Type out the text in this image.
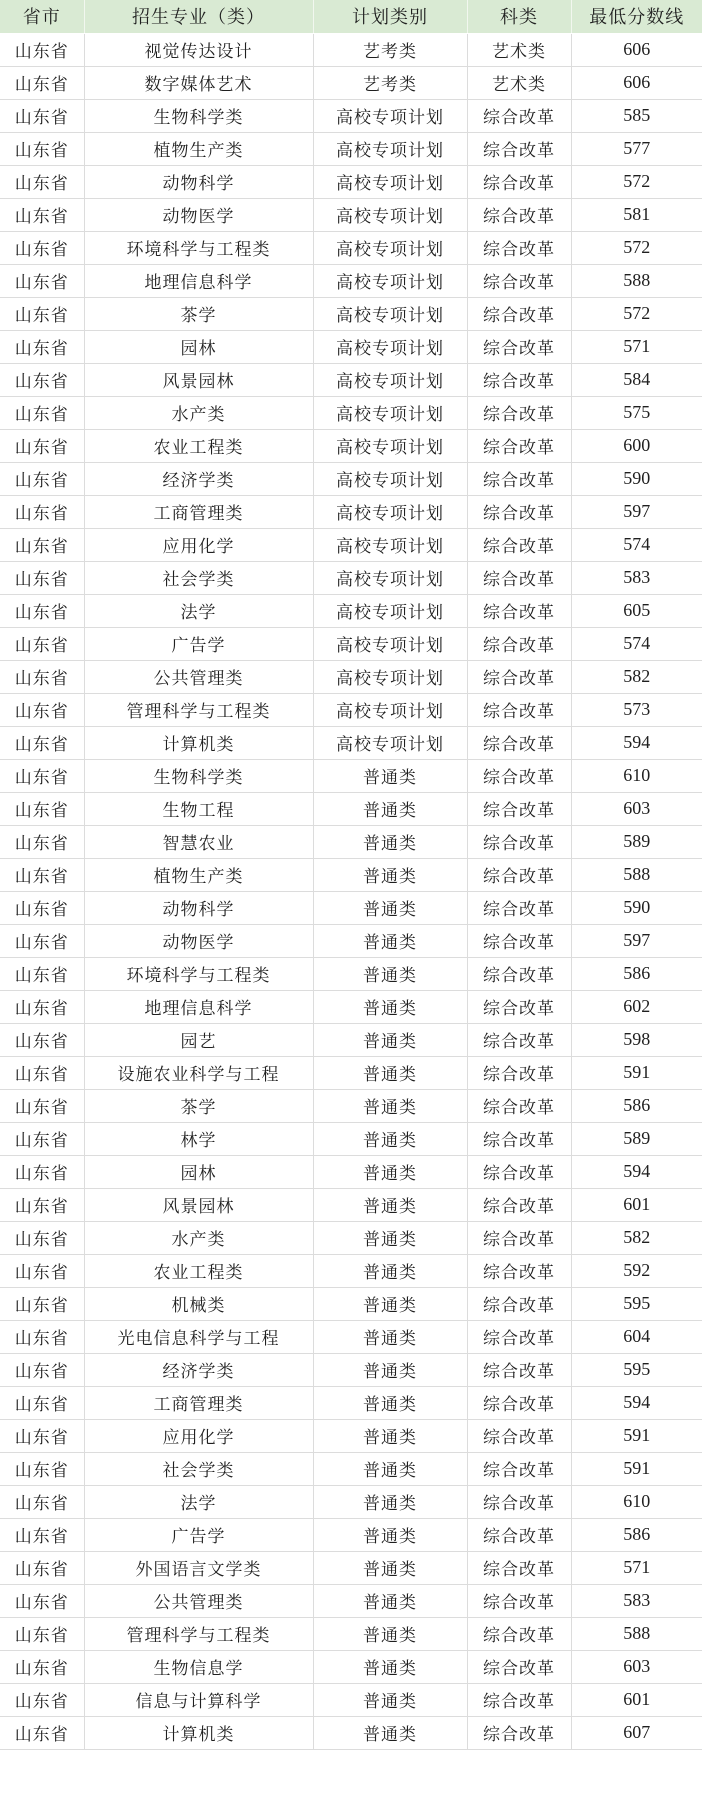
省市	招生专业（类）	计划类别	科类	最低分数线
山东省	视觉传达设计	艺考类	艺术类	606
山东省	数字媒体艺术	艺考类	艺术类	606
山东省	生物科学类	高校专项计划	综合改革	585
山东省	植物生产类	高校专项计划	综合改革	577
山东省	动物科学	高校专项计划	综合改革	572
山东省	动物医学	高校专项计划	综合改革	581
山东省	环境科学与工程类	高校专项计划	综合改革	572
山东省	地理信息科学	高校专项计划	综合改革	588
山东省	茶学	高校专项计划	综合改革	572
山东省	园林	高校专项计划	综合改革	571
山东省	风景园林	高校专项计划	综合改革	584
山东省	水产类	高校专项计划	综合改革	575
山东省	农业工程类	高校专项计划	综合改革	600
山东省	经济学类	高校专项计划	综合改革	590
山东省	工商管理类	高校专项计划	综合改革	597
山东省	应用化学	高校专项计划	综合改革	574
山东省	社会学类	高校专项计划	综合改革	583
山东省	法学	高校专项计划	综合改革	605
山东省	广告学	高校专项计划	综合改革	574
山东省	公共管理类	高校专项计划	综合改革	582
山东省	管理科学与工程类	高校专项计划	综合改革	573
山东省	计算机类	高校专项计划	综合改革	594
山东省	生物科学类	普通类	综合改革	610
山东省	生物工程	普通类	综合改革	603
山东省	智慧农业	普通类	综合改革	589
山东省	植物生产类	普通类	综合改革	588
山东省	动物科学	普通类	综合改革	590
山东省	动物医学	普通类	综合改革	597
山东省	环境科学与工程类	普通类	综合改革	586
山东省	地理信息科学	普通类	综合改革	602
山东省	园艺	普通类	综合改革	598
山东省	设施农业科学与工程	普通类	综合改革	591
山东省	茶学	普通类	综合改革	586
山东省	林学	普通类	综合改革	589
山东省	园林	普通类	综合改革	594
山东省	风景园林	普通类	综合改革	601
山东省	水产类	普通类	综合改革	582
山东省	农业工程类	普通类	综合改革	592
山东省	机械类	普通类	综合改革	595
山东省	光电信息科学与工程	普通类	综合改革	604
山东省	经济学类	普通类	综合改革	595
山东省	工商管理类	普通类	综合改革	594
山东省	应用化学	普通类	综合改革	591
山东省	社会学类	普通类	综合改革	591
山东省	法学	普通类	综合改革	610
山东省	广告学	普通类	综合改革	586
山东省	外国语言文学类	普通类	综合改革	571
山东省	公共管理类	普通类	综合改革	583
山东省	管理科学与工程类	普通类	综合改革	588
山东省	生物信息学	普通类	综合改革	603
山东省	信息与计算科学	普通类	综合改革	601
山东省	计算机类	普通类	综合改革	607
